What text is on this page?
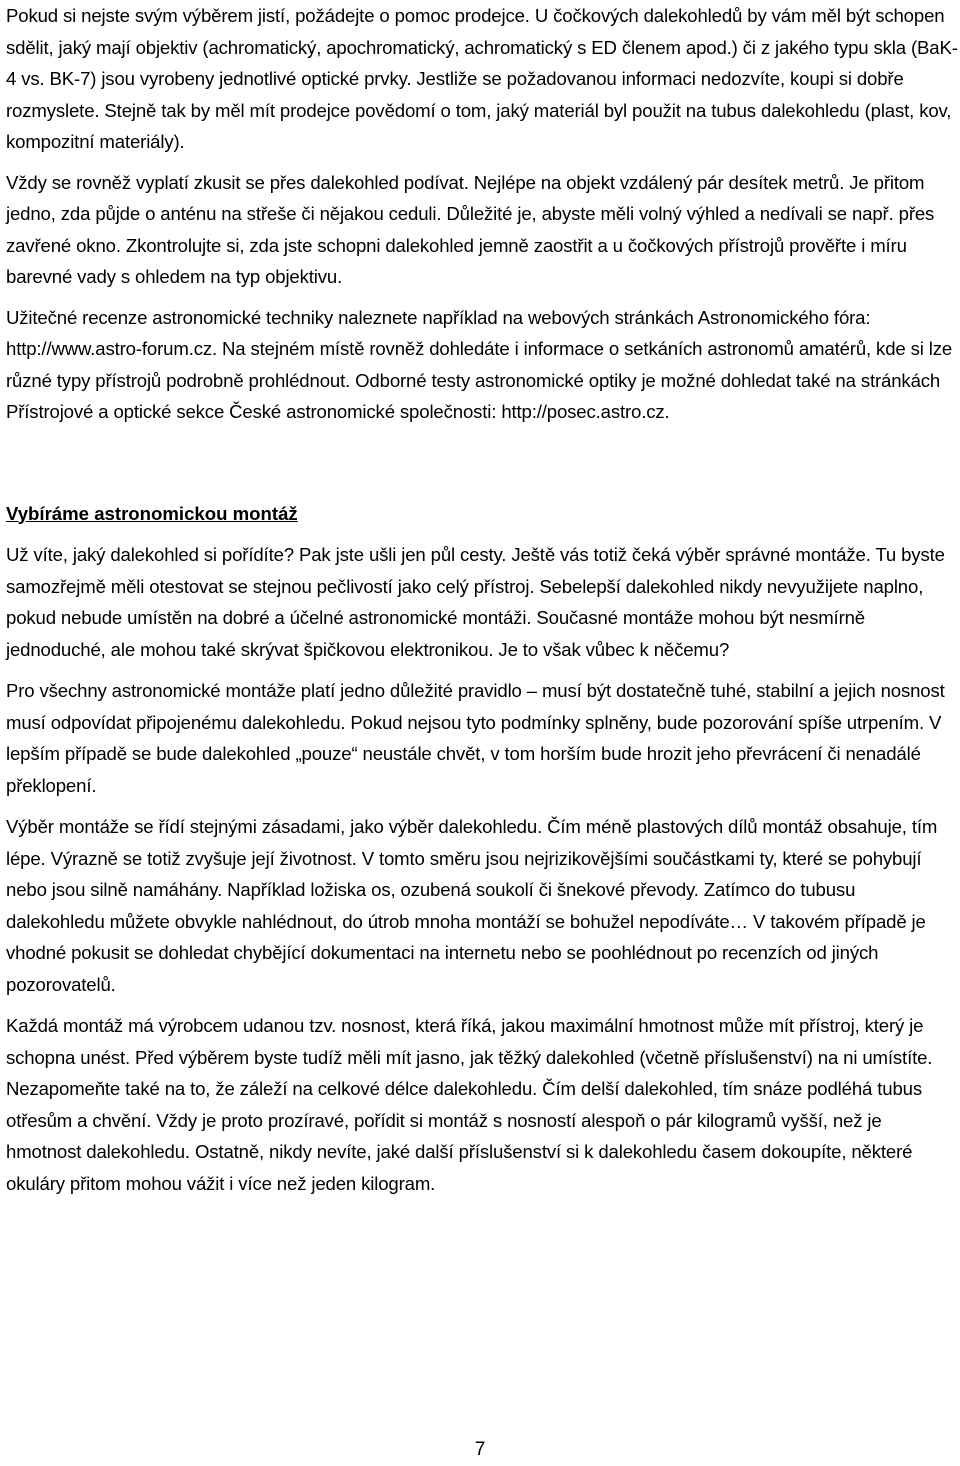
Pokud si nejste svým výběrem jistí, požádejte o pomoc prodejce. U čočkových dalekohledů by vám měl být schopen sdělit, jaký mají objektiv (achromatický, apochromatický, achromatický s ED členem apod.) či z jakého typu skla (BaK-4 vs. BK-7) jsou vyrobeny jednotlivé optické prvky. Jestliže se požadovanou informaci nedozvíte, koupi si dobře rozmyslete. Stejně tak by měl mít prodejce povědomí o tom, jaký materiál byl použit na tubus dalekohledu (plast, kov, kompozitní materiály).

Vždy se rovněž vyplatí zkusit se přes dalekohled podívat. Nejlépe na objekt vzdálený pár desítek metrů. Je přitom jedno, zda půjde o anténu na střeše či nějakou ceduli. Důležité je, abyste měli volný výhled a nedívali se např. přes zavřené okno. Zkontrolujte si, zda jste schopni dalekohled jemně zaostřit a u čočkových přístrojů prověřte i míru barevné vady s ohledem na typ objektivu.

Užitečné recenze astronomické techniky naleznete například na webových stránkách Astronomického fóra: http://www.astro-forum.cz. Na stejném místě rovněž dohledáte i informace o setkáních astronomů amatérů, kde si lze různé typy přístrojů podrobně prohlédnout. Odborné testy astronomické optiky je možné dohledat také na stránkách Přístrojové a optické sekce České astronomické společnosti: http://posec.astro.cz.

Vybíráme astronomickou montáž

Už víte, jaký dalekohled si pořídíte? Pak jste ušli jen půl cesty. Ještě vás totiž čeká výběr správné montáže. Tu byste samozřejmě měli otestovat se stejnou pečlivostí jako celý přístroj. Sebelepší dalekohled nikdy nevyužijete naplno, pokud nebude umístěn na dobré a účelné astronomické montáži. Současné montáže mohou být nesmírně jednoduché, ale mohou také skrývat špičkovou elektronikou. Je to však vůbec k něčemu?

Pro všechny astronomické montáže platí jedno důležité pravidlo – musí být dostatečně tuhé, stabilní a jejich nosnost musí odpovídat připojenému dalekohledu. Pokud nejsou tyto podmínky splněny, bude pozorování spíše utrpením. V lepším případě se bude dalekohled „pouze“ neustále chvět, v tom horším bude hrozit jeho převrácení či nenadálé překlopení.

Výběr montáže se řídí stejnými zásadami, jako výběr dalekohledu. Čím méně plastových dílů montáž obsahuje, tím lépe. Výrazně se totiž zvyšuje její životnost. V tomto směru jsou nejrizikovějšími součástkami ty, které se pohybují nebo jsou silně namáhány. Například ložiska os, ozubená soukolí či šnekové převody. Zatímco do tubusu dalekohledu můžete obvykle nahlédnout, do útrob mnoha montáží se bohužel nepodíváte… V takovém případě je vhodné pokusit se dohledat chybějící dokumentaci na internetu nebo se poohlédnout po recenzích od jiných pozorovatelů.

Každá montáž má výrobcem udanou tzv. nosnost, která říká, jakou maximální hmotnost může mít přístroj, který je schopna unést. Před výběrem byste tudíž měli mít jasno, jak těžký dalekohled (včetně příslušenství) na ni umístíte. Nezapomeňte také na to, že záleží na celkové délce dalekohledu. Čím delší dalekohled, tím snáze podléhá tubus otřesům a chvění. Vždy je proto prozíravé, pořídit si montáž s nosností alespoň o pár kilogramů vyšší, než je hmotnost dalekohledu. Ostatně, nikdy nevíte, jaké další příslušenství si k dalekohledu časem dokoupíte, některé okuláry přitom mohou vážit i více než jeden kilogram.

7
